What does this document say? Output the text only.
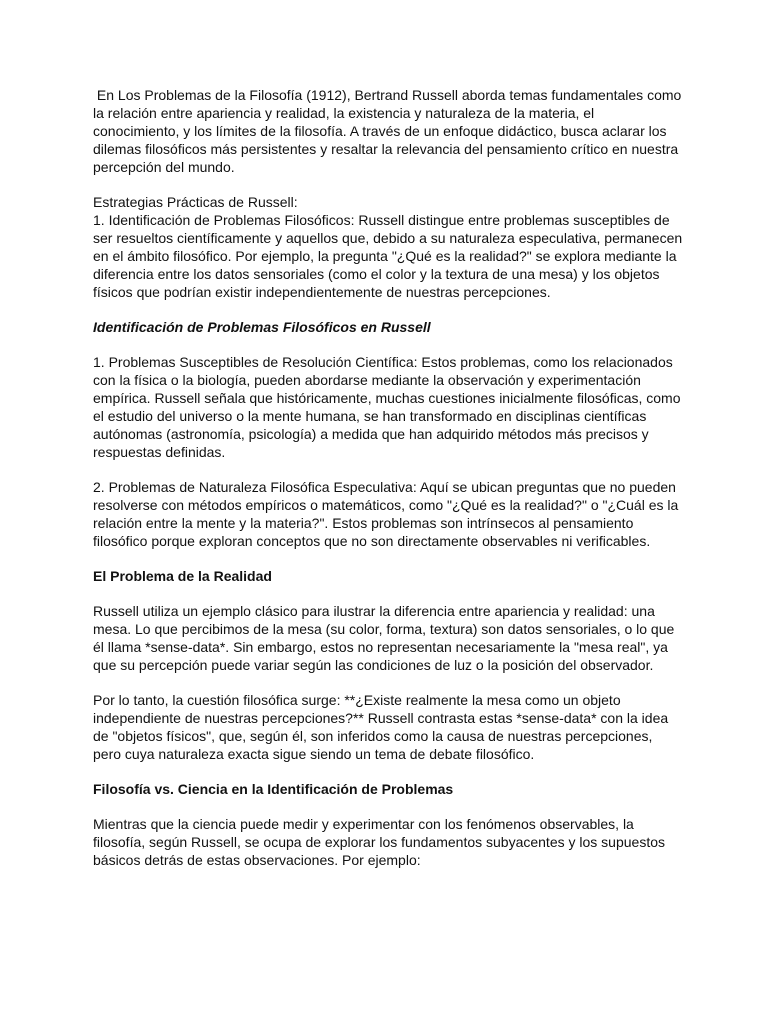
En Los Problemas de la Filosofía (1912), Bertrand Russell aborda temas fundamentales como la relación entre apariencia y realidad, la existencia y naturaleza de la materia, el conocimiento, y los límites de la filosofía. A través de un enfoque didáctico, busca aclarar los dilemas filosóficos más persistentes y resaltar la relevancia del pensamiento crítico en nuestra percepción del mundo.

Estrategias Prácticas de Russell:

1. Identificación de Problemas Filosóficos: Russell distingue entre problemas susceptibles de ser resueltos científicamente y aquellos que, debido a su naturaleza especulativa, permanecen en el ámbito filosófico. Por ejemplo, la pregunta "¿Qué es la realidad?" se explora mediante la diferencia entre los datos sensoriales (como el color y la textura de una mesa) y los objetos físicos que podrían existir independientemente de nuestras percepciones.

Identificación de Problemas Filosóficos en Russell

1. Problemas Susceptibles de Resolución Científica: Estos problemas, como los relacionados con la física o la biología, pueden abordarse mediante la observación y experimentación empírica. Russell señala que históricamente, muchas cuestiones inicialmente filosóficas, como el estudio del universo o la mente humana, se han transformado en disciplinas científicas autónomas (astronomía, psicología) a medida que han adquirido métodos más precisos y respuestas definidas.

2. Problemas de Naturaleza Filosófica Especulativa: Aquí se ubican preguntas que no pueden resolverse con métodos empíricos o matemáticos, como "¿Qué es la realidad?" o "¿Cuál es la relación entre la mente y la materia?". Estos problemas son intrínsecos al pensamiento filosófico porque exploran conceptos que no son directamente observables ni verificables.

El Problema de la Realidad

Russell utiliza un ejemplo clásico para ilustrar la diferencia entre apariencia y realidad: una mesa. Lo que percibimos de la mesa (su color, forma, textura) son datos sensoriales, o lo que él llama *sense-data*. Sin embargo, estos no representan necesariamente la "mesa real", ya que su percepción puede variar según las condiciones de luz o la posición del observador.

Por lo tanto, la cuestión filosófica surge: **¿Existe realmente la mesa como un objeto independiente de nuestras percepciones?** Russell contrasta estas *sense-data* con la idea de "objetos físicos", que, según él, son inferidos como la causa de nuestras percepciones, pero cuya naturaleza exacta sigue siendo un tema de debate filosófico.

Filosofía vs. Ciencia en la Identificación de Problemas

Mientras que la ciencia puede medir y experimentar con los fenómenos observables, la filosofía, según Russell, se ocupa de explorar los fundamentos subyacentes y los supuestos básicos detrás de estas observaciones. Por ejemplo:
